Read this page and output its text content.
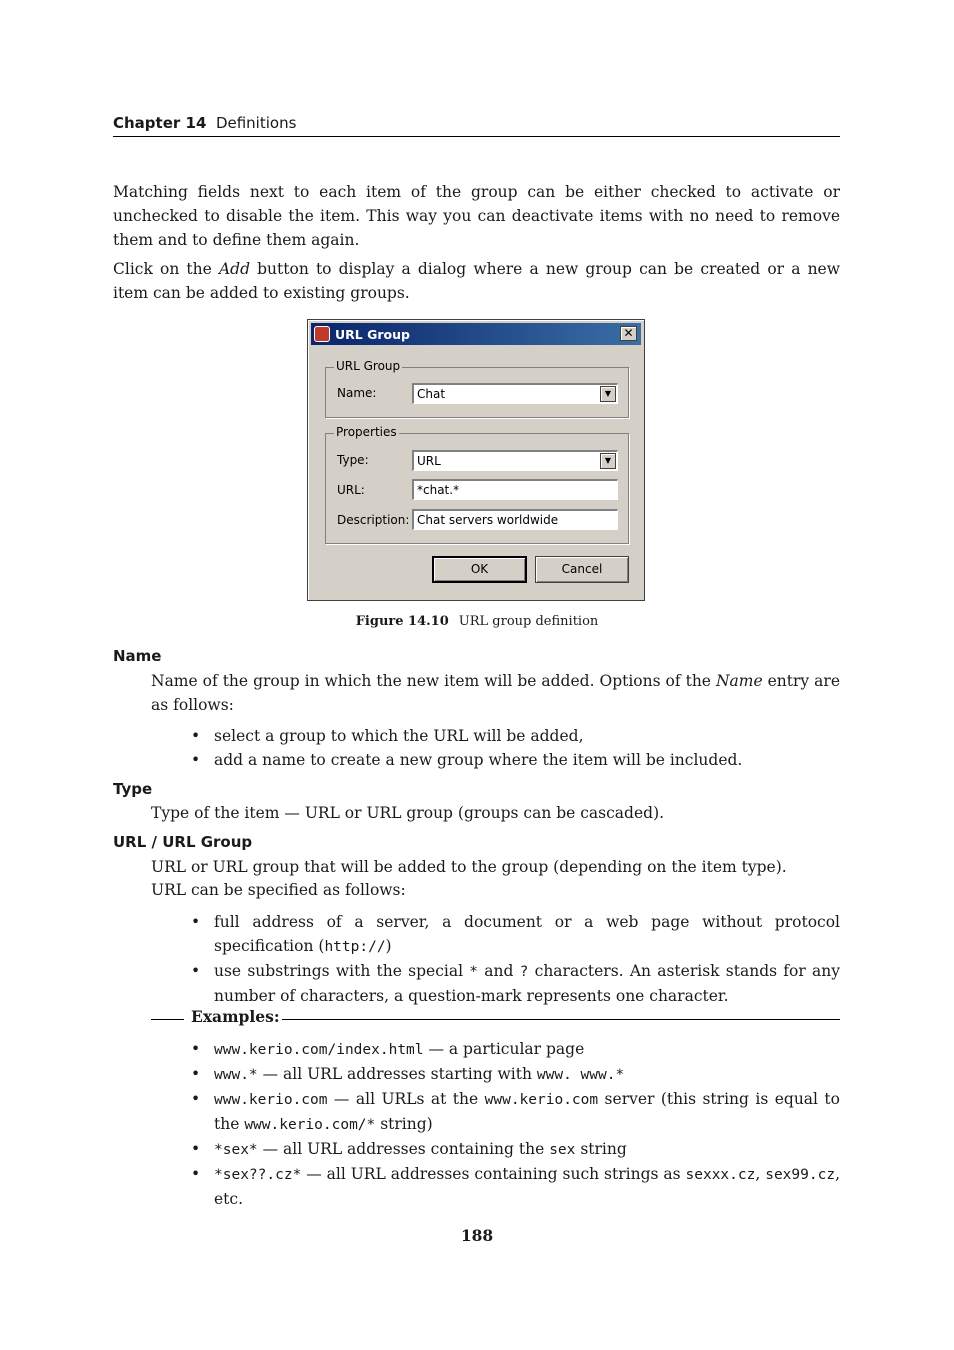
Chapter 14 Definitions
Matching fields next to each item of the group can be either checked to activate or unchecked to disable the item. This way you can deactivate items with no need to remove them and to define them again.
Click on the Add button to display a dialog where a new group can be created or a new item can be added to existing groups.
URL Group	✕
URL Group
Name:	Chat	▼
Properties
Type:	URL	▼
URL:	*chat.*
Description: Chat servers worldwide
OK	Cancel
Figure 14.10 URL group definition
Name
Name of the group in which the new item will be added. Options of the Name entry are as follows:
• select a group to which the URL will be added,
• add a name to create a new group where the item will be included.
Type
Type of the item — URL or URL group (groups can be cascaded).
URL / URL Group
URL or URL group that will be added to the group (depending on the item type).
URL can be specified as follows:
• full address of a server, a document or a web page without protocol specification (http://)
• use substrings with the special * and ? characters. An asterisk stands for any number of characters, a question-mark represents one character.
Examples:
• www.kerio.com/index.html — a particular page
• www.* — all URL addresses starting with www. www.*
• www.kerio.com — all URLs at the www.kerio.com server (this string is equal to the www.kerio.com/* string)
• *sex* — all URL addresses containing the sex string
• *sex??.cz* — all URL addresses containing such strings as sexxx.cz, sex99.cz, etc.
188
